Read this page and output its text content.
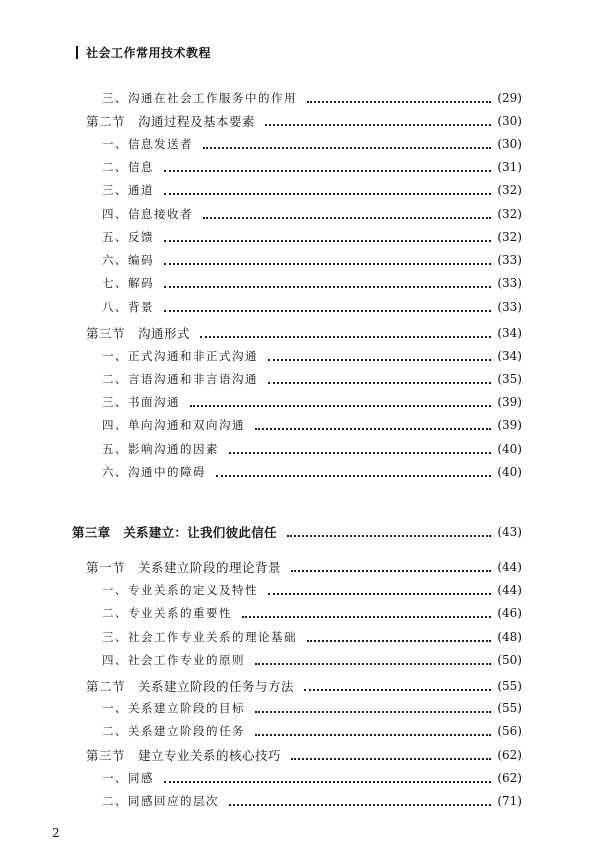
社会工作常用技术教程
三、沟通在社会工作服务中的作用	(29)
第二节　沟通过程及基本要素	(30)
一、信息发送者	(30)
二、信息	(31)
三、通道	(32)
四、信息接收者	(32)
五、反馈	(32)
六、编码	(33)
七、解码	(33)
八、背景	(33)
第三节　沟通形式	(34)
一、正式沟通和非正式沟通	(34)
二、言语沟通和非言语沟通	(35)
三、书面沟通	(39)
四、单向沟通和双向沟通	(39)
五、影响沟通的因素	(40)
六、沟通中的障碍	(40)
第三章　关系建立：让我们彼此信任	(43)
第一节　关系建立阶段的理论背景	(44)
一、专业关系的定义及特性	(44)
二、专业关系的重要性	(46)
三、社会工作专业关系的理论基础	(48)
四、社会工作专业的原则	(50)
第二节　关系建立阶段的任务与方法	(55)
一、关系建立阶段的目标	(55)
二、关系建立阶段的任务	(56)
第三节　建立专业关系的核心技巧	(62)
一、同感	(62)
二、同感回应的层次	(71)
2
